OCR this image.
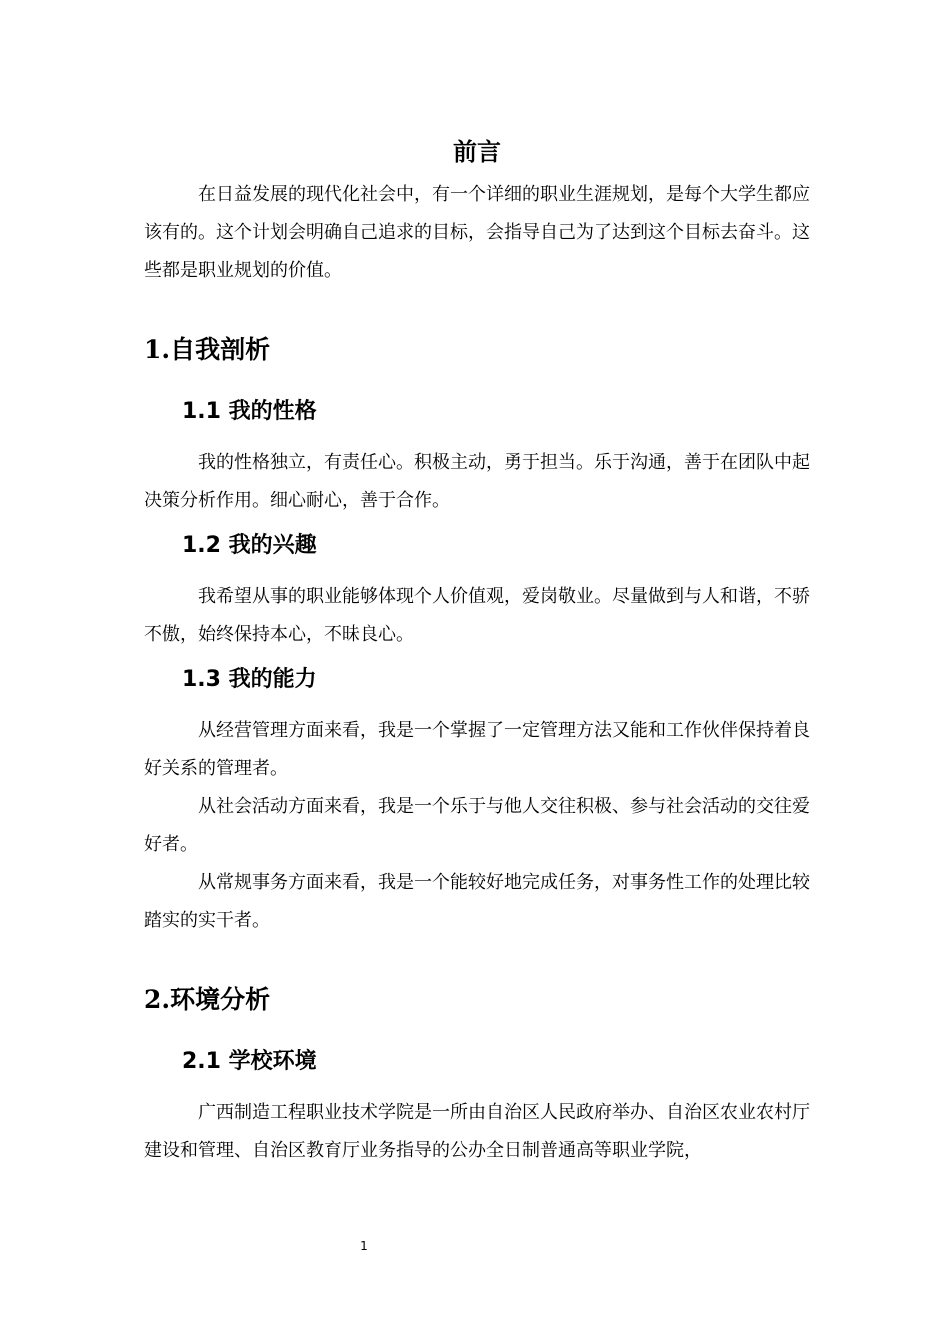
前言

在日益发展的现代化社会中，有一个详细的职业生涯规划，是每个大学生都应该有的。这个计划会明确自己追求的目标，会指导自己为了达到这个目标去奋斗。这些都是职业规划的价值。

1.自我剖析
1.1 我的性格

我的性格独立，有责任心。积极主动，勇于担当。乐于沟通，善于在团队中起决策分析作用。细心耐心，善于合作。

1.2 我的兴趣

我希望从事的职业能够体现个人价值观，爱岗敬业。尽量做到与人和谐，不骄不傲，始终保持本心，不昧良心。

1.3 我的能力

从经营管理方面来看，我是一个掌握了一定管理方法又能和工作伙伴保持着良好关系的管理者。

从社会活动方面来看，我是一个乐于与他人交往积极、参与社会活动的交往爱好者。

从常规事务方面来看，我是一个能较好地完成任务，对事务性工作的处理比较踏实的实干者。

2.环境分析
2.1 学校环境

广西制造工程职业技术学院是一所由自治区人民政府举办、自治区农业农村厅建设和管理、自治区教育厅业务指导的公办全日制普通高等职业学院，

1
